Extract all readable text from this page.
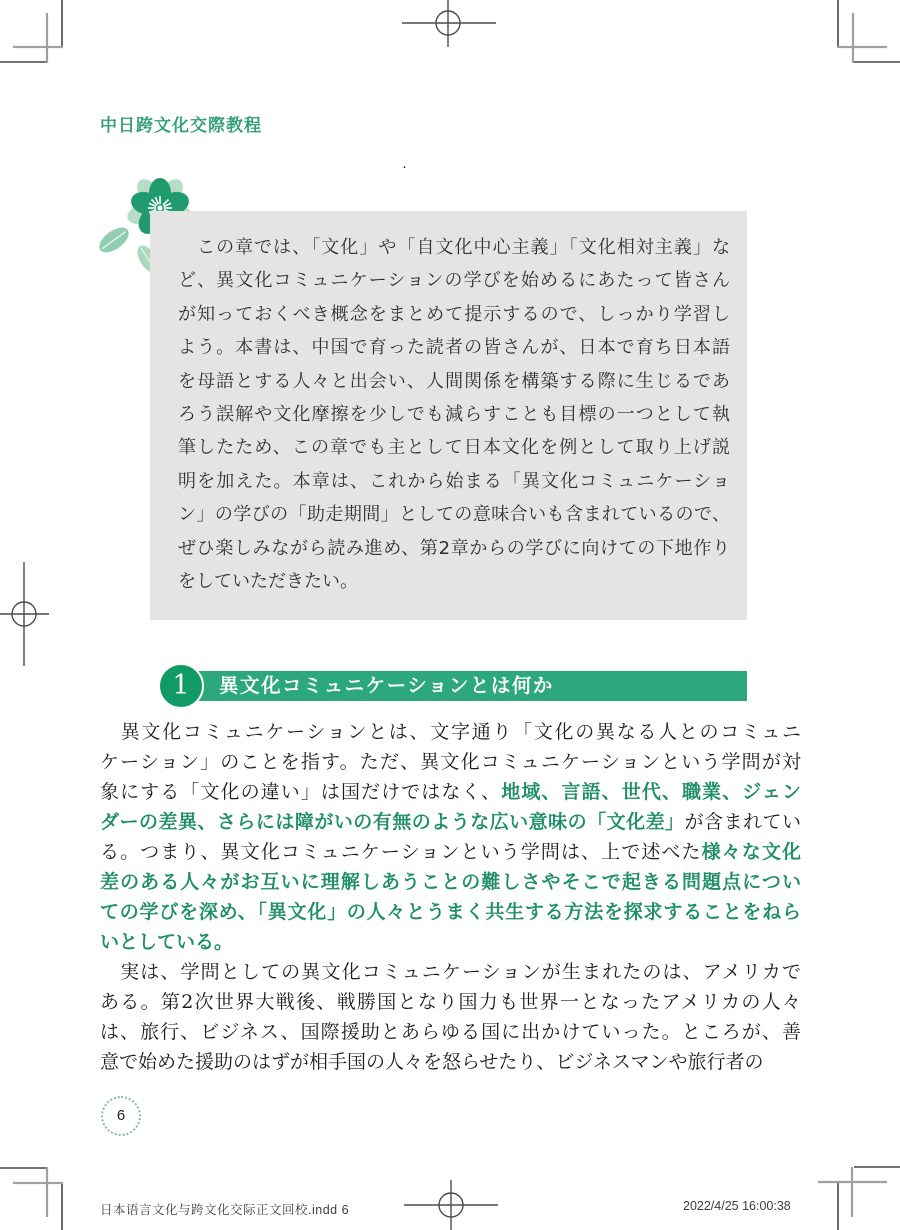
中日跨文化交際教程
·
　この章では、「文化」や「自文化中心主義」「文化相対主義」な
ど、異文化コミュニケーションの学びを始めるにあたって皆さん
が知っておくべき概念をまとめて提示するので、しっかり学習し
よう。本書は、中国で育った読者の皆さんが、日本で育ち日本語
を母語とする人々と出会い、人間関係を構築する際に生じるであ
ろう誤解や文化摩擦を少しでも減らすことも目標の一つとして執
筆したため、この章でも主として日本文化を例として取り上げ説
明を加えた。本章は、これから始まる「異文化コミュニケーショ
ン」の学びの「助走期間」としての意味合いも含まれているので、
ぜひ楽しみながら読み進め、第2章からの学びに向けての下地作り
をしていただきたい。
異文化コミュニケーションとは何か
1
　異文化コミュニケーションとは、文字通り「文化の異なる人とのコミュニ
ケーション」のことを指す。ただ、異文化コミュニケーションという学問が対
象にする「文化の違い」は国だけではなく、地域、言語、世代、職業、ジェン
ダーの差異、さらには障がいの有無のような広い意味の「文化差」が含まれてい
る。つまり、異文化コミュニケーションという学問は、上で述べた様々な文化
差のある人々がお互いに理解しあうことの難しさやそこで起きる問題点につい
ての学びを深め、「異文化」の人々とうまく共生する方法を探求することをねら
いとしている。
　実は、学問としての異文化コミュニケーションが生まれたのは、アメリカで
ある。第2次世界大戦後、戦勝国となり国力も世界一となったアメリカの人々
は、旅行、ビジネス、国際援助とあらゆる国に出かけていった。ところが、善
意で始めた援助のはずが相手国の人々を怒らせたり、ビジネスマンや旅行者の
6
日本语言文化与跨文化交际正文回校.indd 6	2022/4/25 16:00:38
